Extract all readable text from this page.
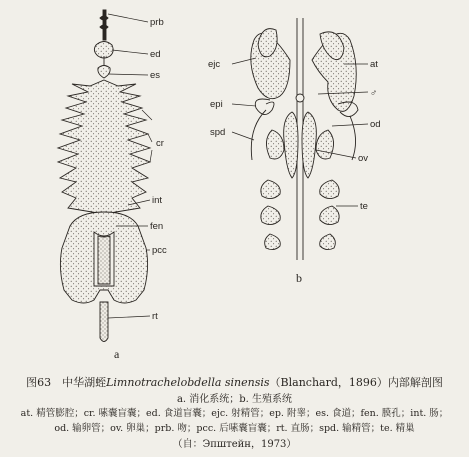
prb
ed
es
cr
int
fen
pcc
rt
a
ejc	at
♂
epi
od
spd
ov
te
b
图63　中华湖蛭Limnotrachelobdella sinensis（Blanchard，1896）内部解剖图
a. 消化系统；b. 生殖系统
at. 精管膨腔；cr. 嗉囊盲囊；ed. 食道盲囊；ejc. 射精管；ep. 附睾；es. 食道；fen. 膜孔；int. 肠；
od. 输卵管；ov. 卵巢；prb. 吻；pcc. 后嗉囊盲囊；rt. 直肠；spd. 输精管；te. 精巢
（自：Эпштейн，1973）
